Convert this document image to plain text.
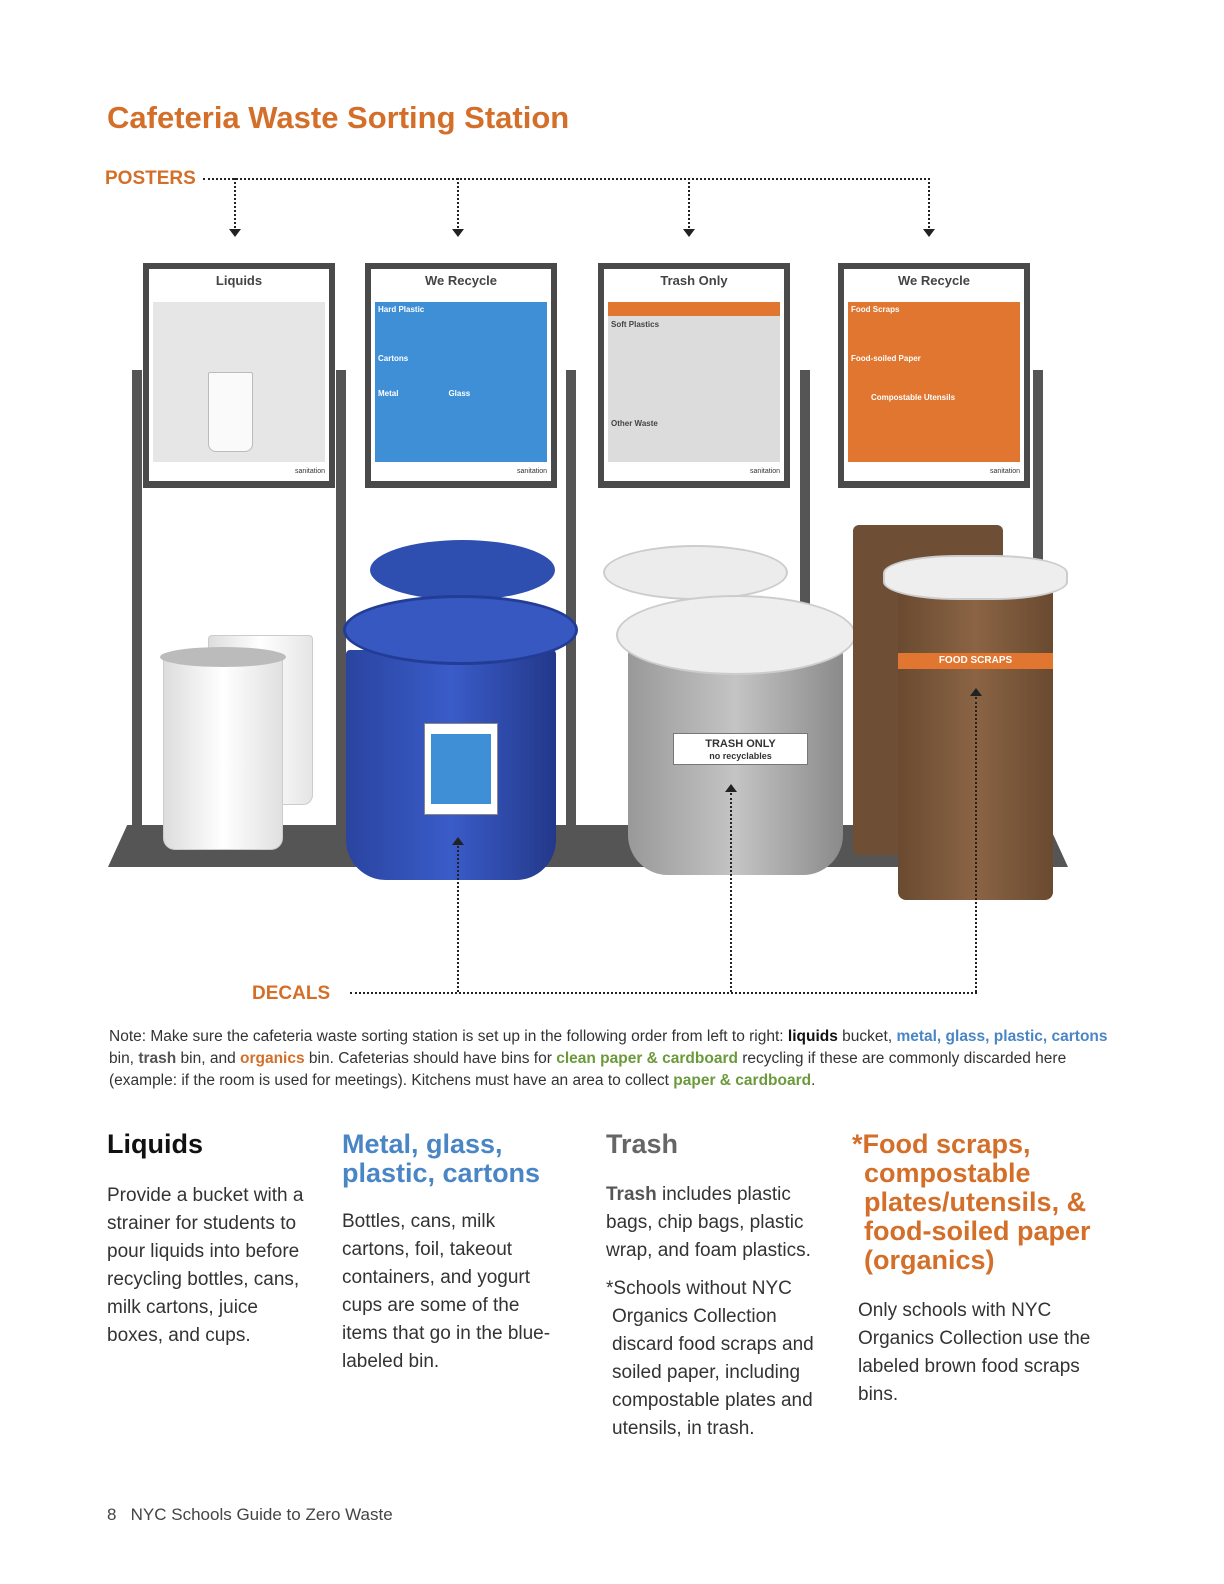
Cafeteria Waste Sorting Station
POSTERS
Liquids
sanitation
We Recycle
Hard Plastic
Cartons
Metal	Glass
sanitation
Trash Only
Soft Plastics
Other Waste
sanitation
We Recycle
Food Scraps
Food-soiled Paper
Compostable Utensils
sanitation
TRASH ONLY
no recyclables
FOOD SCRAPS
DECALS

Note: Make sure the cafeteria waste sorting station is set up in the following order from left to right: liquids bucket, metal, glass, plastic, cartons bin, trash bin, and organics bin. Cafeterias should have bins for clean paper & cardboard recycling if these are commonly discarded here (example: if the room is used for meetings). Kitchens must have an area to collect paper & cardboard.

Liquids

Provide a bucket with a strainer for students to pour liquids into before recycling bottles, cans, milk cartons, juice boxes, and cups.

Metal, glass, plastic, cartons

Bottles, cans, milk cartons, foil, takeout containers, and yogurt cups are some of the items that go in the blue-labeled bin.

Trash

Trash includes plastic bags, chip bags, plastic wrap, and foam plastics.

*Schools without NYC Organics Collection discard food scraps and soiled paper, including compostable plates and utensils, in trash.

*Food scraps, compostable plates/utensils, & food-soiled paper (organics)

Only schools with NYC Organics Collection use the labeled brown food scraps bins.

8 NYC Schools Guide to Zero Waste
